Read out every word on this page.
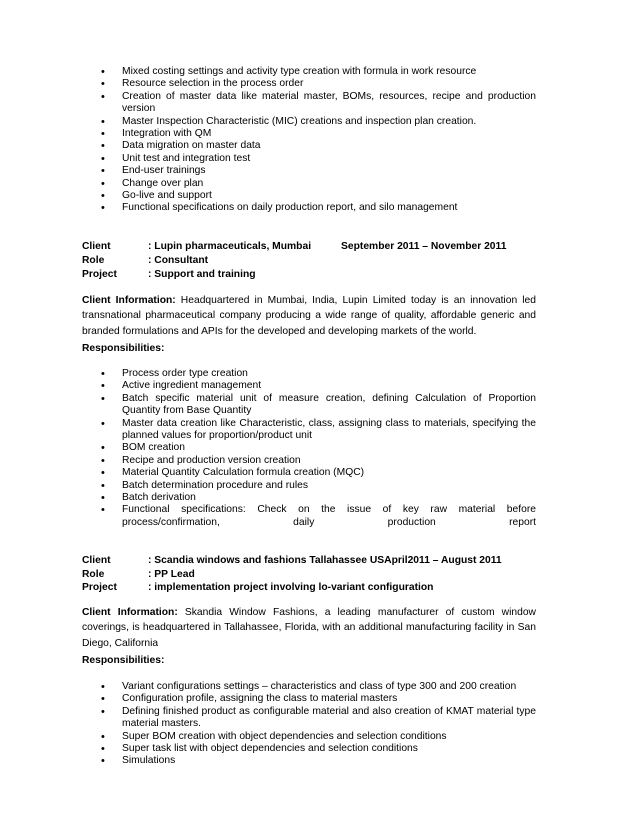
• Mixed costing settings and activity type creation with formula in work resource
• Resource selection in the process order
• Creation of master data like material master, BOMs, resources, recipe and production version
• Master Inspection Characteristic (MIC) creations and inspection plan creation.
• Integration with QM
• Data migration on master data
• Unit test and integration test
• End-user trainings
• Change over plan
• Go-live and support
• Functional specifications on daily production report, and silo management
Client	: Lupin pharmaceuticals, Mumbai	September 2011 – November 2011
Role	: Consultant
Project	: Support and training
Client Information: Headquartered in Mumbai, India, Lupin Limited today is an innovation led transnational pharmaceutical company producing a wide range of quality, affordable generic and branded formulations and APIs for the developed and developing markets of the world.
Responsibilities:
• Process order type creation
• Active ingredient management
• Batch specific material unit of measure creation, defining Calculation of Proportion Quantity from Base Quantity
• Master data creation like Characteristic, class, assigning class to materials, specifying the planned values for proportion/product unit
• BOM creation
• Recipe and production version creation
• Material Quantity Calculation formula creation (MQC)
• Batch determination procedure and rules
• Batch derivation
• Functional specifications: Check on the issue of key raw material before process/confirmation, daily production report
Client	: Scandia windows and fashions Tallahassee USApril2011 – August 2011
Role	: PP Lead
Project	: implementation project involving lo-variant configuration
Client Information: Skandia Window Fashions, a leading manufacturer of custom window coverings, is headquartered in Tallahassee, Florida, with an additional manufacturing facility in San Diego, California
Responsibilities:
• Variant configurations settings – characteristics and class of type 300 and 200 creation
• Configuration profile, assigning the class to material masters
• Defining finished product as configurable material and also creation of KMAT material type material masters.
• Super BOM creation with object dependencies and selection conditions
• Super task list with object dependencies and selection conditions
• Simulations
